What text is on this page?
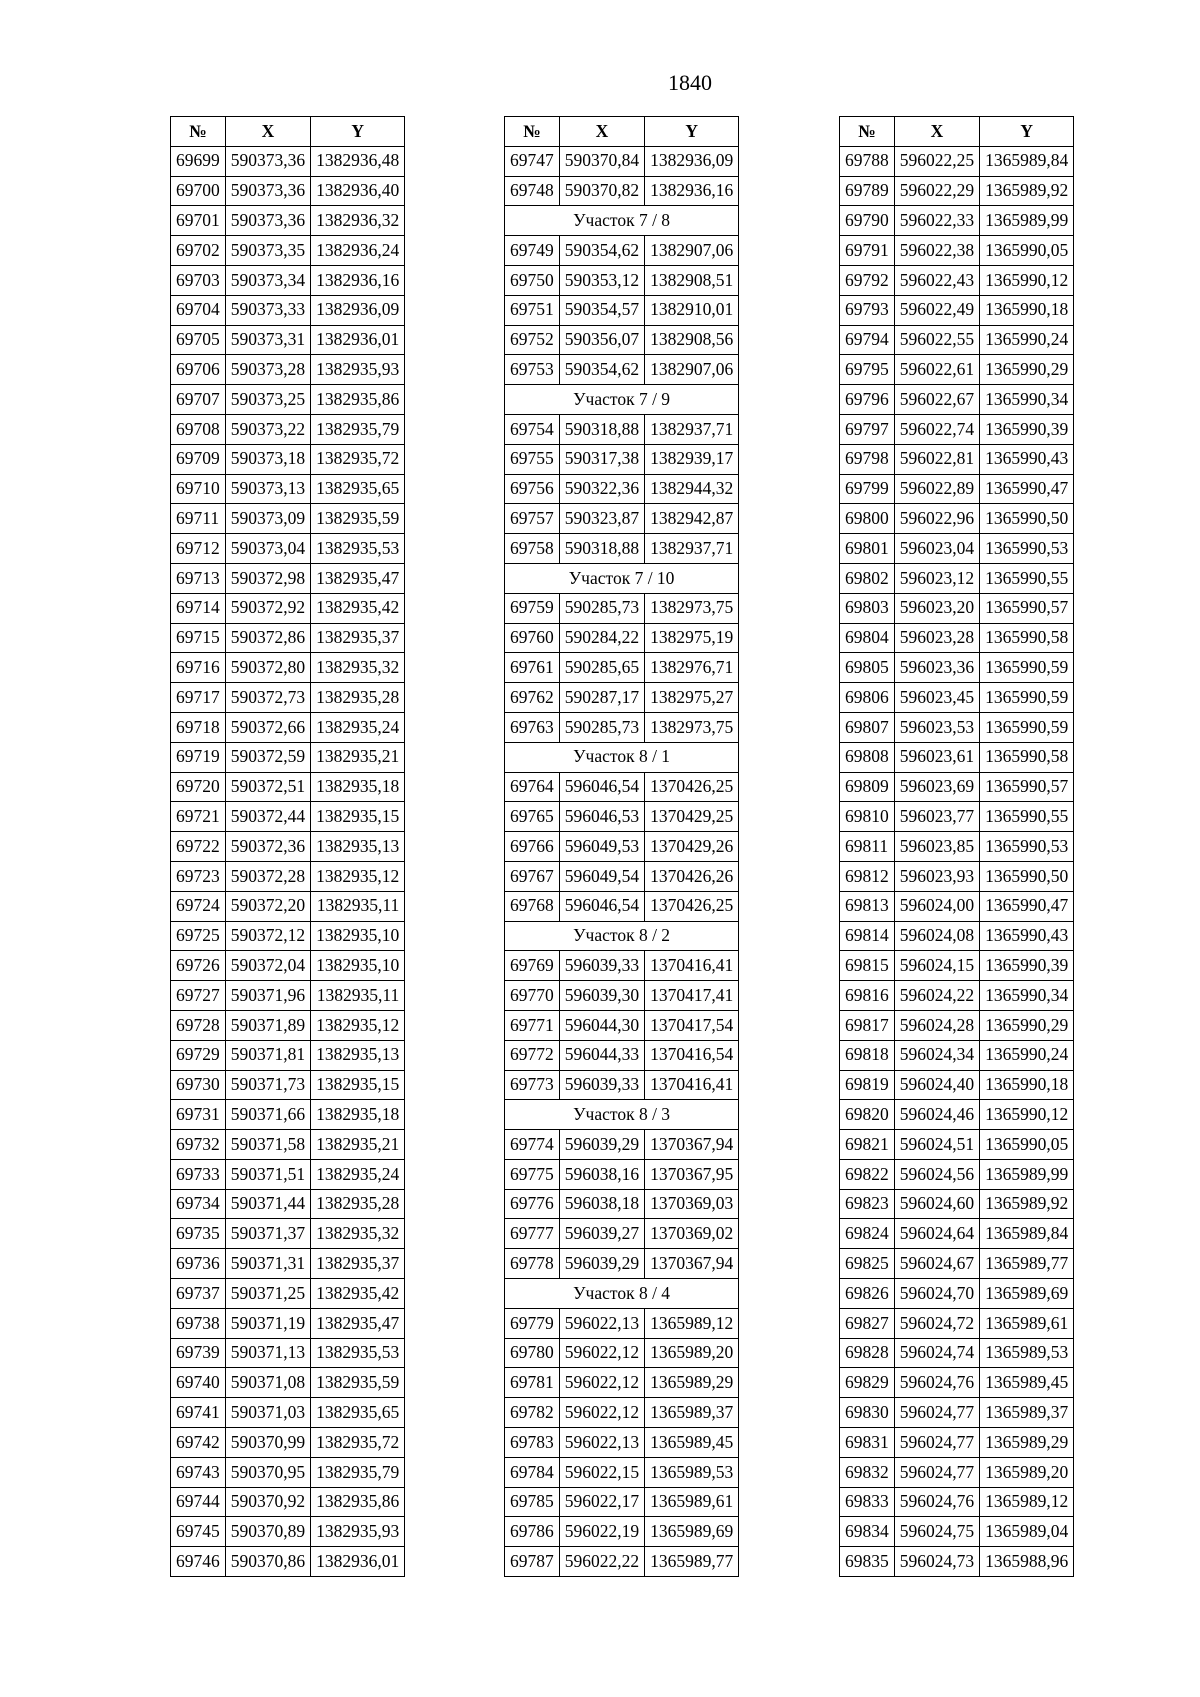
1840
№	X	Y
69699	590373,36	1382936,48
69700	590373,36	1382936,40
69701	590373,36	1382936,32
69702	590373,35	1382936,24
69703	590373,34	1382936,16
69704	590373,33	1382936,09
69705	590373,31	1382936,01
69706	590373,28	1382935,93
69707	590373,25	1382935,86
69708	590373,22	1382935,79
69709	590373,18	1382935,72
69710	590373,13	1382935,65
69711	590373,09	1382935,59
69712	590373,04	1382935,53
69713	590372,98	1382935,47
69714	590372,92	1382935,42
69715	590372,86	1382935,37
69716	590372,80	1382935,32
69717	590372,73	1382935,28
69718	590372,66	1382935,24
69719	590372,59	1382935,21
69720	590372,51	1382935,18
69721	590372,44	1382935,15
69722	590372,36	1382935,13
69723	590372,28	1382935,12
69724	590372,20	1382935,11
69725	590372,12	1382935,10
69726	590372,04	1382935,10
69727	590371,96	1382935,11
69728	590371,89	1382935,12
69729	590371,81	1382935,13
69730	590371,73	1382935,15
69731	590371,66	1382935,18
69732	590371,58	1382935,21
69733	590371,51	1382935,24
69734	590371,44	1382935,28
69735	590371,37	1382935,32
69736	590371,31	1382935,37
69737	590371,25	1382935,42
69738	590371,19	1382935,47
69739	590371,13	1382935,53
69740	590371,08	1382935,59
69741	590371,03	1382935,65
69742	590370,99	1382935,72
69743	590370,95	1382935,79
69744	590370,92	1382935,86
69745	590370,89	1382935,93
69746	590370,86	1382936,01
№	X	Y
69747	590370,84	1382936,09
69748	590370,82	1382936,16
Участок 7 / 8		
69749	590354,62	1382907,06
69750	590353,12	1382908,51
69751	590354,57	1382910,01
69752	590356,07	1382908,56
69753	590354,62	1382907,06
Участок 7 / 9		
69754	590318,88	1382937,71
69755	590317,38	1382939,17
69756	590322,36	1382944,32
69757	590323,87	1382942,87
69758	590318,88	1382937,71
Участок 7 / 10		
69759	590285,73	1382973,75
69760	590284,22	1382975,19
69761	590285,65	1382976,71
69762	590287,17	1382975,27
69763	590285,73	1382973,75
Участок 8 / 1		
69764	596046,54	1370426,25
69765	596046,53	1370429,25
69766	596049,53	1370429,26
69767	596049,54	1370426,26
69768	596046,54	1370426,25
Участок 8 / 2		
69769	596039,33	1370416,41
69770	596039,30	1370417,41
69771	596044,30	1370417,54
69772	596044,33	1370416,54
69773	596039,33	1370416,41
Участок 8 / 3		
69774	596039,29	1370367,94
69775	596038,16	1370367,95
69776	596038,18	1370369,03
69777	596039,27	1370369,02
69778	596039,29	1370367,94
Участок 8 / 4		
69779	596022,13	1365989,12
69780	596022,12	1365989,20
69781	596022,12	1365989,29
69782	596022,12	1365989,37
69783	596022,13	1365989,45
69784	596022,15	1365989,53
69785	596022,17	1365989,61
69786	596022,19	1365989,69
69787	596022,22	1365989,77
№	X	Y
69788	596022,25	1365989,84
69789	596022,29	1365989,92
69790	596022,33	1365989,99
69791	596022,38	1365990,05
69792	596022,43	1365990,12
69793	596022,49	1365990,18
69794	596022,55	1365990,24
69795	596022,61	1365990,29
69796	596022,67	1365990,34
69797	596022,74	1365990,39
69798	596022,81	1365990,43
69799	596022,89	1365990,47
69800	596022,96	1365990,50
69801	596023,04	1365990,53
69802	596023,12	1365990,55
69803	596023,20	1365990,57
69804	596023,28	1365990,58
69805	596023,36	1365990,59
69806	596023,45	1365990,59
69807	596023,53	1365990,59
69808	596023,61	1365990,58
69809	596023,69	1365990,57
69810	596023,77	1365990,55
69811	596023,85	1365990,53
69812	596023,93	1365990,50
69813	596024,00	1365990,47
69814	596024,08	1365990,43
69815	596024,15	1365990,39
69816	596024,22	1365990,34
69817	596024,28	1365990,29
69818	596024,34	1365990,24
69819	596024,40	1365990,18
69820	596024,46	1365990,12
69821	596024,51	1365990,05
69822	596024,56	1365989,99
69823	596024,60	1365989,92
69824	596024,64	1365989,84
69825	596024,67	1365989,77
69826	596024,70	1365989,69
69827	596024,72	1365989,61
69828	596024,74	1365989,53
69829	596024,76	1365989,45
69830	596024,77	1365989,37
69831	596024,77	1365989,29
69832	596024,77	1365989,20
69833	596024,76	1365989,12
69834	596024,75	1365989,04
69835	596024,73	1365988,96
